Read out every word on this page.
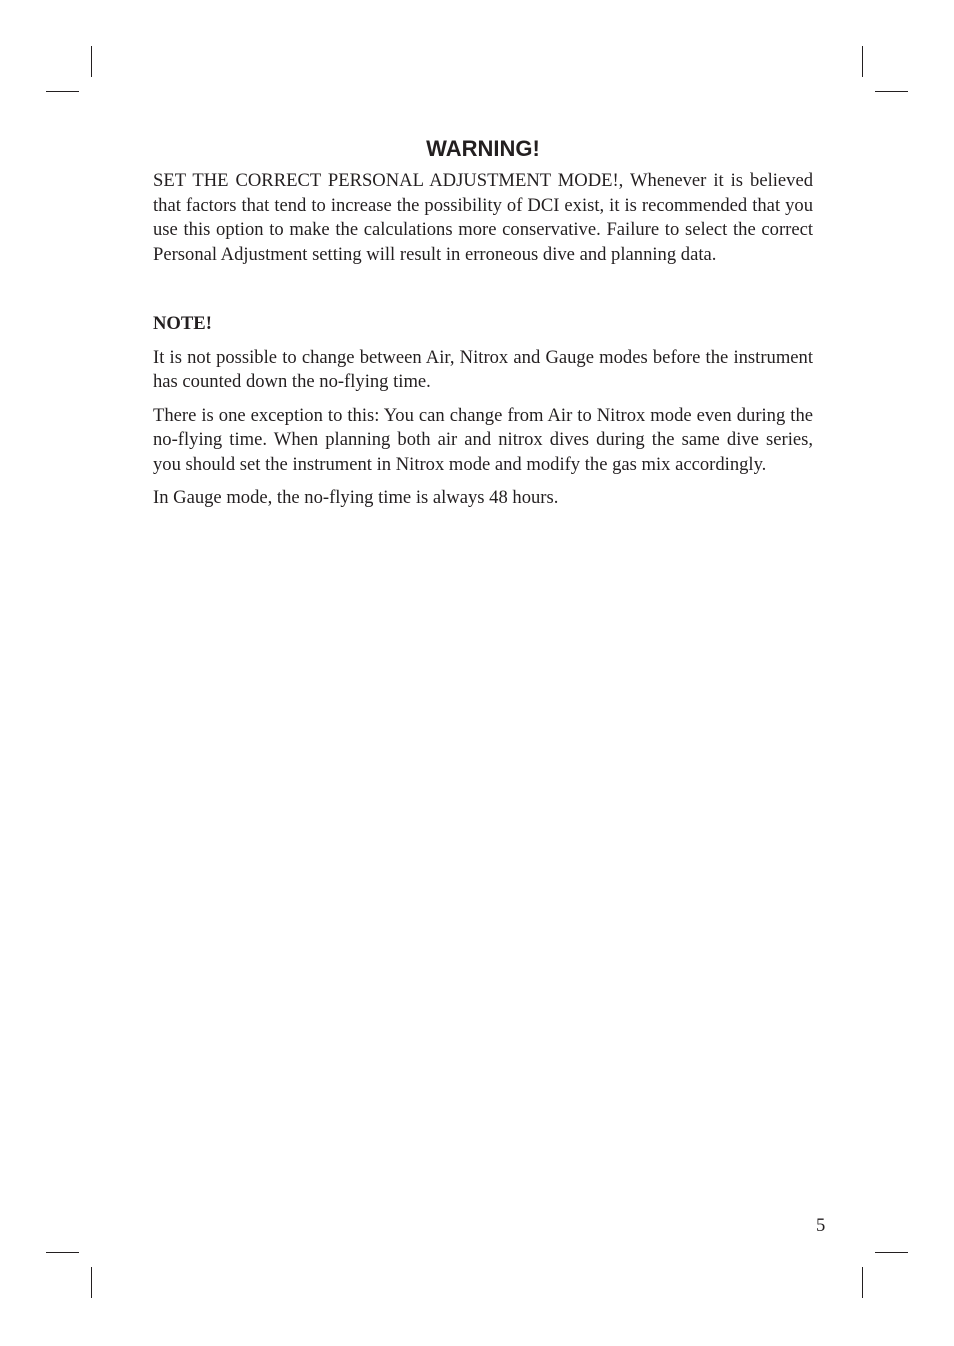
WARNING!

SET THE CORRECT PERSONAL ADJUSTMENT MODE!, Whenever it is believed that factors that tend to increase the possibility of DCI exist, it is recommended that you use this option to make the calculations more conservative. Failure to select the correct Personal Adjustment setting will result in erroneous dive and planning data.

NOTE!

It is not possible to change between Air, Nitrox and Gauge modes before the instrument has counted down the no-flying time.

There is one exception to this: You can change from Air to Nitrox mode even during the no-flying time. When planning both air and nitrox dives during the same dive series, you should set the instrument in Nitrox mode and modify the gas mix accordingly.

In Gauge mode, the no-flying time is always 48 hours.

5
